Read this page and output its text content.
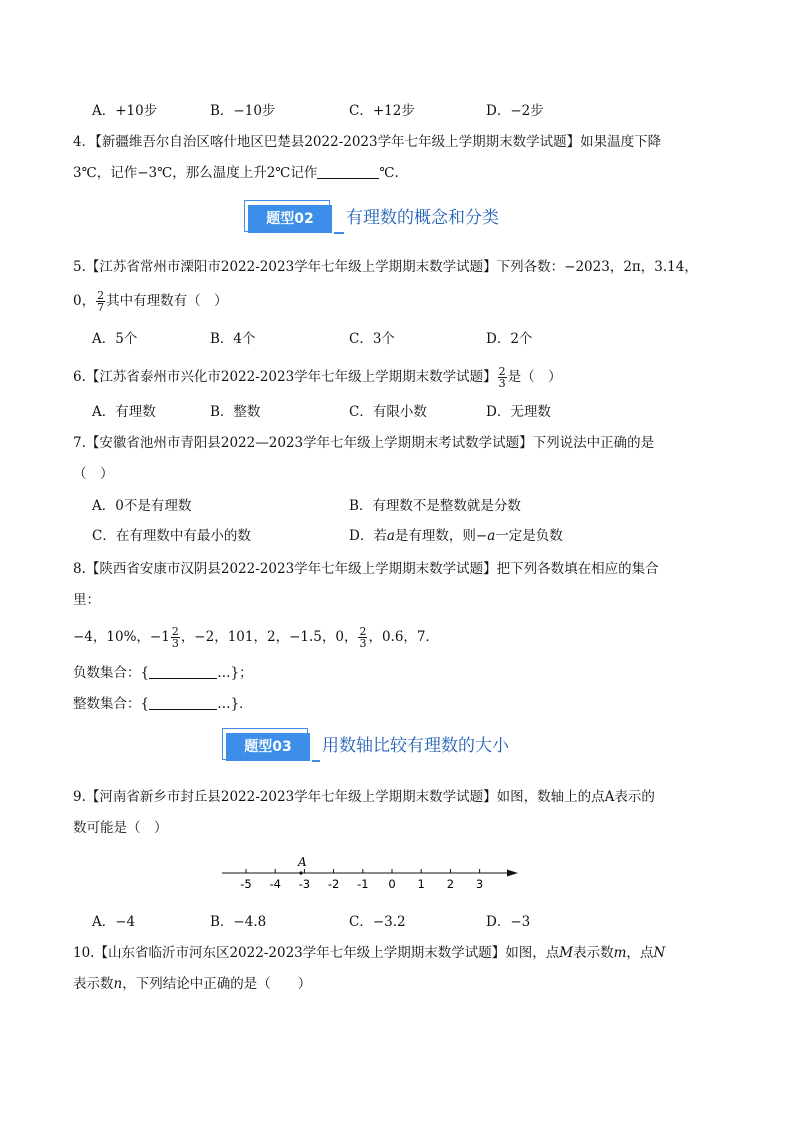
A．+10步	B．−10步	C．+12步	D．−2步
4．【新疆维吾尔自治区喀什地区巴楚县2022-2023学年七年级上学期期末数学试题】如果温度下降
3℃，记作−3℃，那么温度上升2℃记作	℃.
题型02	有理数的概念和分类
5.【江苏省常州市溧阳市2022-2023学年七年级上学期期末数学试题】下列各数：−2023，2π，3.14，
0， $\frac{2}{7}$ 其中有理数有（　）
A．5个	B．4个	C．3个	D．2个
6.【江苏省泰州市兴化市2022-2023学年七年级上学期期末数学试题】 $\frac{2}{3}$ 是（　）
A．有理数	B．整数	C．有限小数	D．无理数
7.【安徽省池州市青阳县2022—2023学年七年级上学期期末考试数学试题】下列说法中正确的是
（　）
A．0不是有理数	B．有理数不是整数就是分数
C．在有理数中有最小的数	D．若a是有理数，则−a一定是负数
8.【陕西省安康市汉阴县2022-2023学年七年级上学期期末数学试题】把下列各数填在相应的集合
里：
−4，10%，$-1 \frac{2}{3}$ ，−2，101，2，−1.5，0， $\frac{2}{3}$ ，0.6，7．
负数集合：{	…}；
整数集合：{	…}．
题型03	用数轴比较有理数的大小
9.【河南省新乡市封丘县2022-2023学年七年级上学期期末数学试题】如图，数轴上的点A表示的
数可能是（　）
-5 -4 -3 -2 -1 0 1 2 3
A
A．−4	B．−4.8	C．−3.2	D．−3
10.【山东省临沂市河东区2022-2023学年七年级上学期期末数学试题】如图，点M表示数m，点N
表示数n，下列结论中正确的是（　　）
